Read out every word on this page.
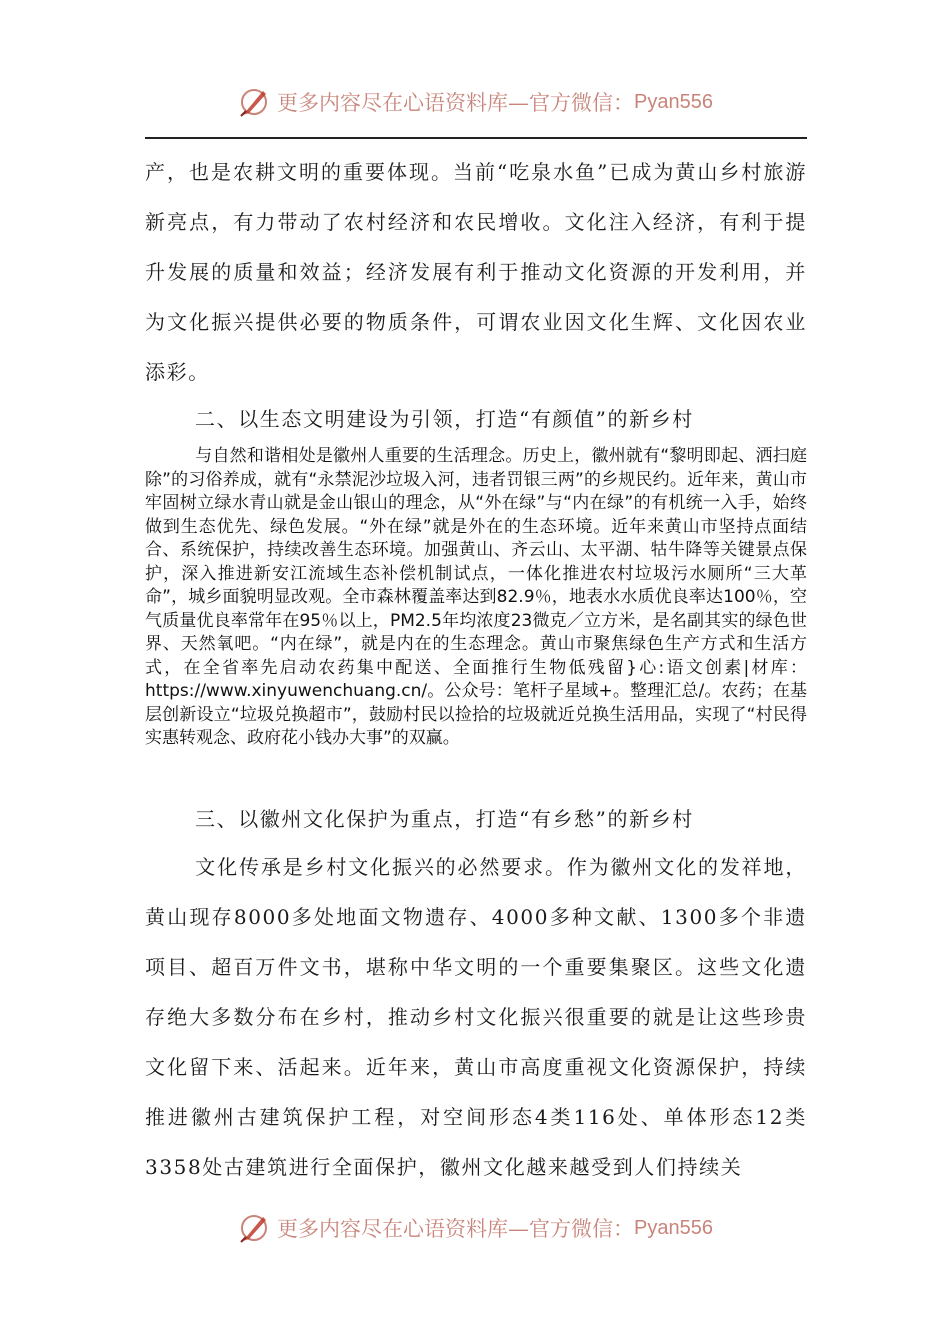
更多内容尽在心语资料库—官方微信： Pyan556

产，也是农耕文明的重要体现。当前“吃泉水鱼”已成为黄山乡村旅游新亮点，有力带动了农村经济和农民增收。文化注入经济，有利于提升发展的质量和效益；经济发展有利于推动文化资源的开发利用，并为文化振兴提供必要的物质条件，可谓农业因文化生辉、文化因农业添彩。

二、以生态文明建设为引领，打造“有颜值”的新乡村

与自然和谐相处是徽州人重要的生活理念。历史上，徽州就有“黎明即起、洒扫庭除”的习俗养成，就有“永禁泥沙垃圾入河，违者罚银三两”的乡规民约。近年来，黄山市牢固树立绿水青山就是金山银山的理念，从“外在绿”与“内在绿”的有机统一入手，始终做到生态优先、绿色发展。“外在绿”就是外在的生态环境。近年来黄山市坚持点面结合、系统保护，持续改善生态环境。加强黄山、齐云山、太平湖、牯牛降等关键景点保护，深入推进新安江流域生态补偿机制试点，一体化推进农村垃圾污水厕所“三大革命”，城乡面貌明显改观。全市森林覆盖率达到82.9％，地表水水质优良率达100％，空气质量优良率常年在95％以上，PM2.5年均浓度23微克／立方米，是名副其实的绿色世界、天然氧吧。“内在绿”，就是内在的生态理念。黄山市聚焦绿色生产方式和生活方式，在全省率先启动农药集中配送、全面推行生物低残留}心:语文创素|材库：https://www.xinyuwenchuang.cn/。公众号：笔杆子星域+。整理汇总/。农药；在基层创新设立“垃圾兑换超市”，鼓励村民以捡拾的垃圾就近兑换生活用品，实现了“村民得实惠转观念、政府花小钱办大事”的双赢。

三、以徽州文化保护为重点，打造“有乡愁”的新乡村

文化传承是乡村文化振兴的必然要求。作为徽州文化的发祥地，黄山现存8000多处地面文物遗存、4000多种文献、1300多个非遗项目、超百万件文书，堪称中华文明的一个重要集聚区。这些文化遗存绝大多数分布在乡村，推动乡村文化振兴很重要的就是让这些珍贵文化留下来、活起来。近年来，黄山市高度重视文化资源保护，持续推进徽州古建筑保护工程，对空间形态4类116处、单体形态12类3358处古建筑进行全面保护，徽州文化越来越受到人们持续关

更多内容尽在心语资料库—官方微信： Pyan556
